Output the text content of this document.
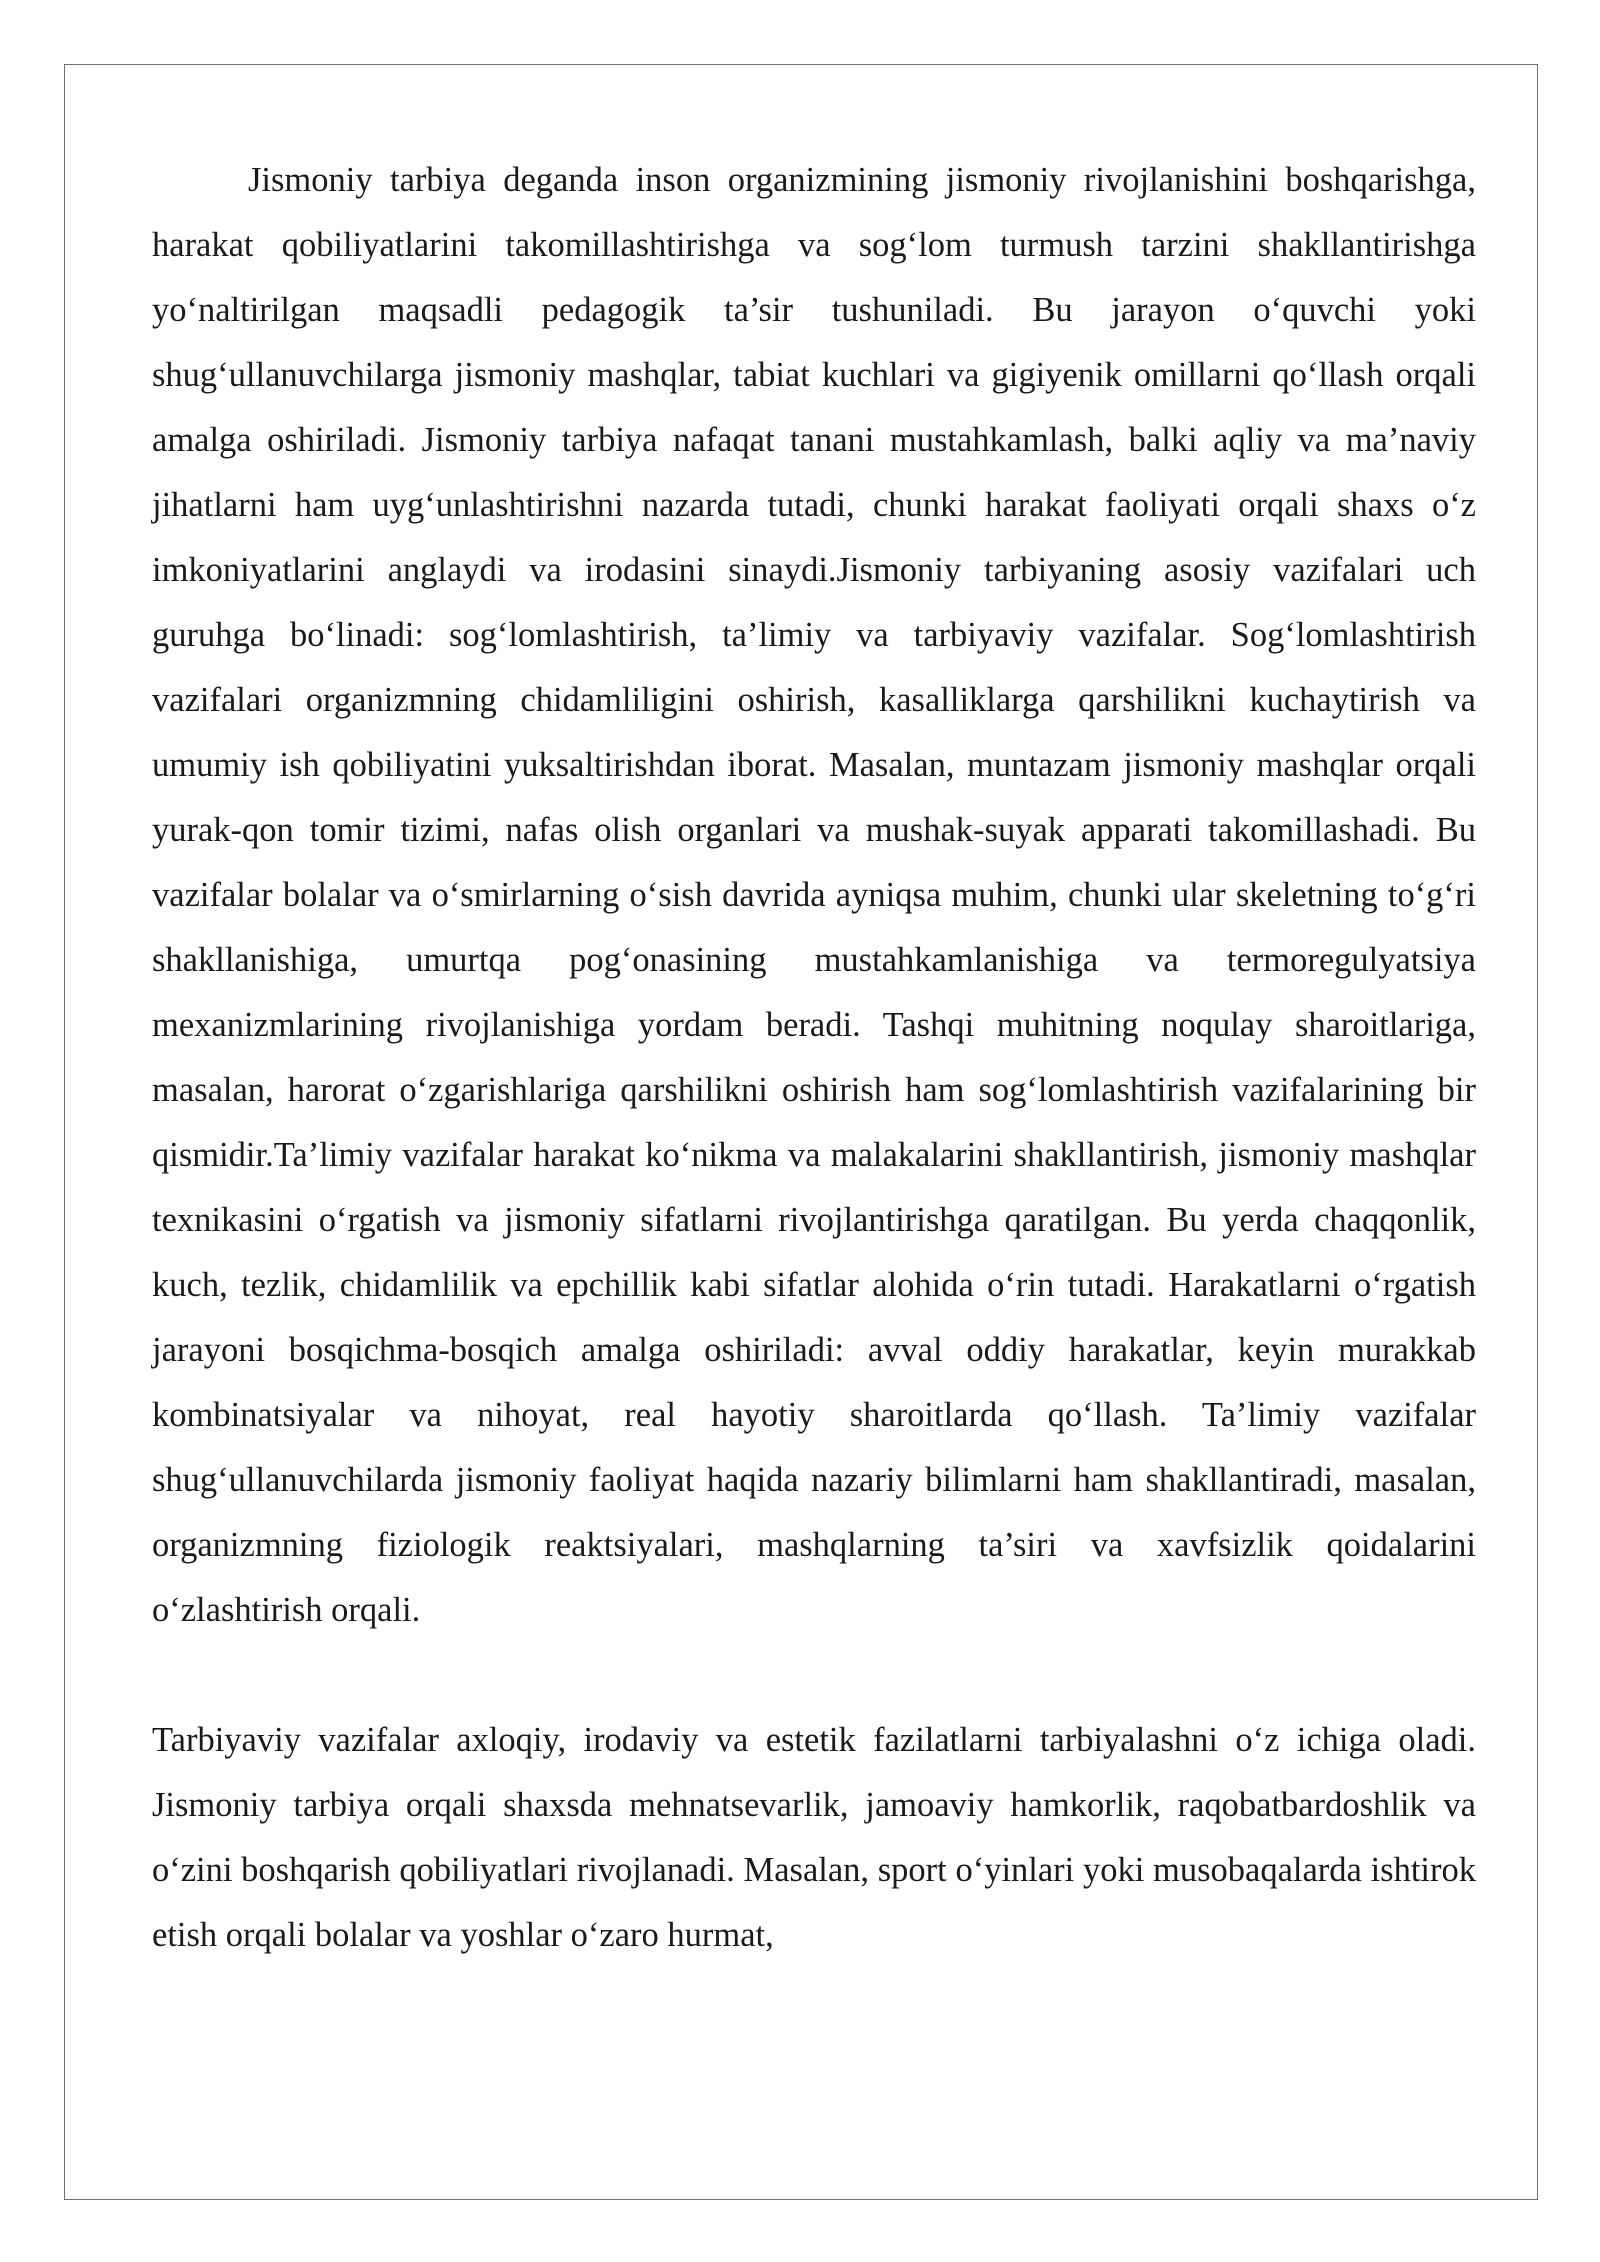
Jismoniy tarbiya deganda inson organizmining jismoniy rivojlanishini boshqarishga, harakat qobiliyatlarini takomillashtirishga va sog‘lom turmush tarzini shakllantirishga yo‘naltirilgan maqsadli pedagogik ta’sir tushuniladi. Bu jarayon o‘quvchi yoki shug‘ullanuvchilarga jismoniy mashqlar, tabiat kuchlari va gigiyenik omillarni qo‘llash orqali amalga oshiriladi. Jismoniy tarbiya nafaqat tanani mustahkamlash, balki aqliy va ma’naviy jihatlarni ham uyg‘unlashtirishni nazarda tutadi, chunki harakat faoliyati orqali shaxs o‘z imkoniyatlarini anglaydi va irodasini sinaydi.Jismoniy tarbiyaning asosiy vazifalari uch guruhga bo‘linadi: sog‘lomlashtirish, ta’limiy va tarbiyaviy vazifalar. Sog‘lomlashtirish vazifalari organizmning chidamliligini oshirish, kasalliklarga qarshilikni kuchaytirish va umumiy ish qobiliyatini yuksaltirishdan iborat. Masalan, muntazam jismoniy mashqlar orqali yurak-qon tomir tizimi, nafas olish organlari va mushak-suyak apparati takomillashadi. Bu vazifalar bolalar va o‘smirlarning o‘sish davrida ayniqsa muhim, chunki ular skeletning to‘g‘ri shakllanishiga, umurtqa pog‘onasining mustahkamlanishiga va termoregulyatsiya mexanizmlarining rivojlanishiga yordam beradi. Tashqi muhitning noqulay sharoitlariga, masalan, harorat o‘zgarishlariga qarshilikni oshirish ham sog‘lomlashtirish vazifalarining bir qismidir.Ta’limiy vazifalar harakat ko‘nikma va malakalarini shakllantirish, jismoniy mashqlar texnikasini o‘rgatish va jismoniy sifatlarni rivojlantirishga qaratilgan. Bu yerda chaqqonlik, kuch, tezlik, chidamlilik va epchillik kabi sifatlar alohida o‘rin tutadi. Harakatlarni o‘rgatish jarayoni bosqichma-bosqich amalga oshiriladi: avval oddiy harakatlar, keyin murakkab kombinatsiyalar va nihoyat, real hayotiy sharoitlarda qo‘llash. Ta’limiy vazifalar shug‘ullanuvchilarda jismoniy faoliyat haqida nazariy bilimlarni ham shakllantiradi, masalan, organizmning fiziologik reaktsiyalari, mashqlarning ta’siri va xavfsizlik qoidalarini o‘zlashtirish orqali.

Tarbiyaviy vazifalar axloqiy, irodaviy va estetik fazilatlarni tarbiyalashni o‘z ichiga oladi. Jismoniy tarbiya orqali shaxsda mehnatsevarlik, jamoaviy hamkorlik, raqobatbardoshlik va o‘zini boshqarish qobiliyatlari rivojlanadi. Masalan, sport o‘yinlari yoki musobaqalarda ishtirok etish orqali bolalar va yoshlar o‘zaro hurmat,
